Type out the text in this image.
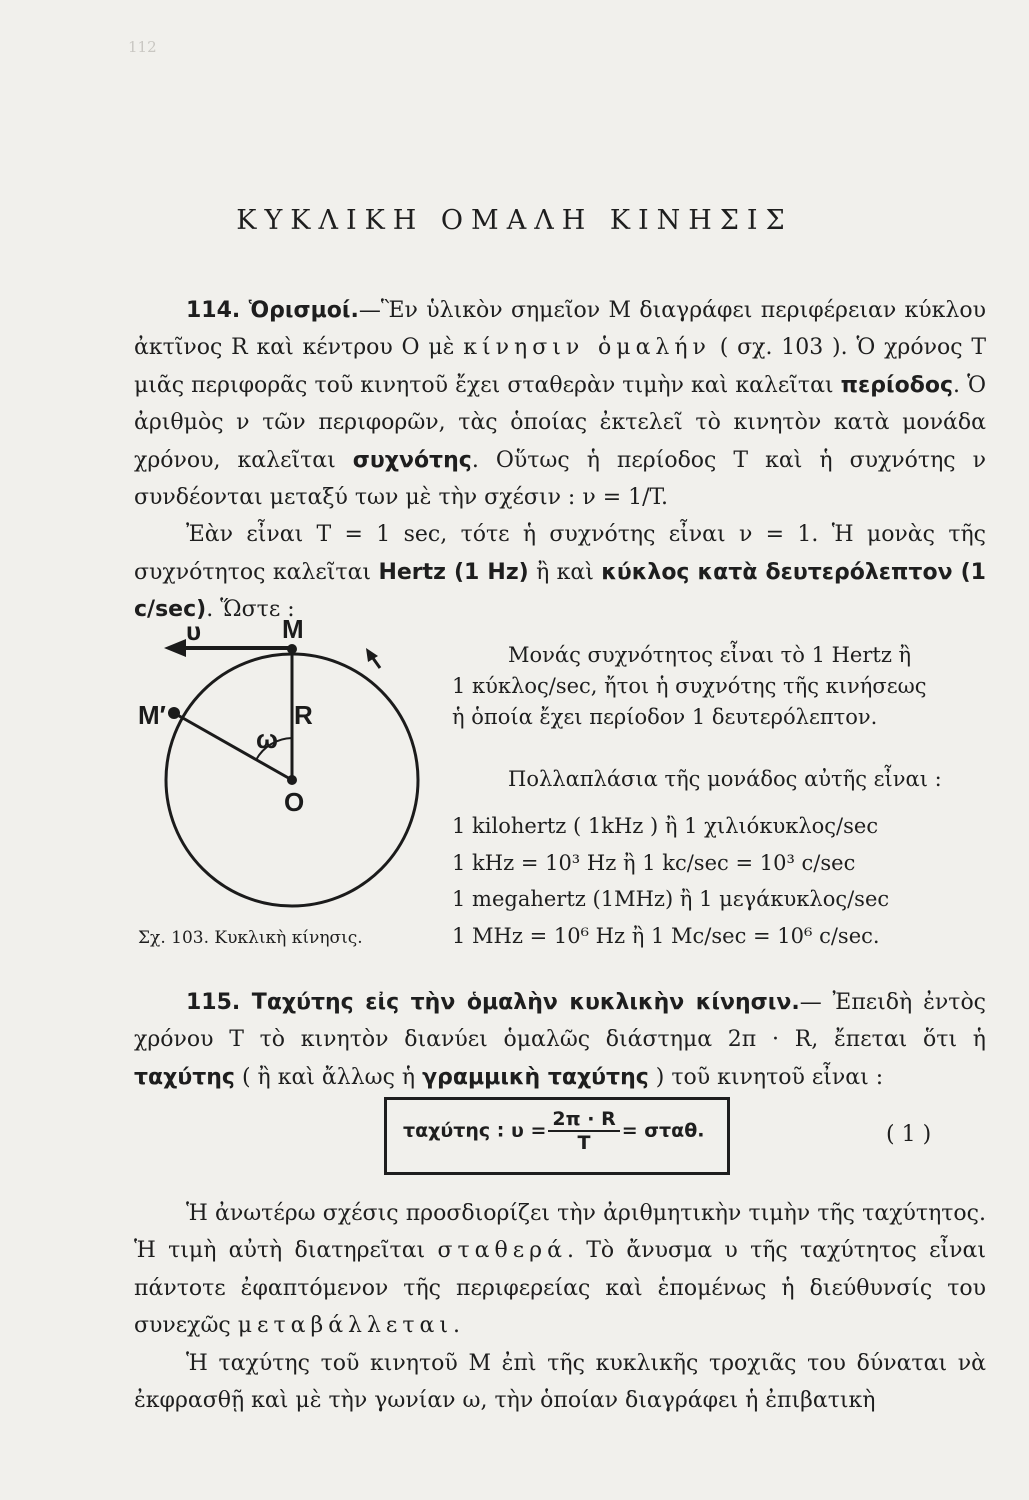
112
ΚΥΚΛΙΚΗ ΟΜΑΛΗ ΚΙΝΗΣΙΣ

114. Ὁρισμοί.—Ἓν ὑλικὸν σημεῖον M διαγράφει περιφέρειαν κύκλου ἀκτῖνος R καὶ κέντρου O μὲ κίνησιν ὁμαλήν ( σχ. 103 ). Ὁ χρόνος T μιᾶς περιφορᾶς τοῦ κινητοῦ ἔχει σταθερὰν τιμὴν καὶ καλεῖται περίοδος. Ὁ ἀριθμὸς ν τῶν περιφορῶν, τὰς ὁποίας ἐκτελεῖ τὸ κινητὸν κατὰ μονάδα χρόνου, καλεῖται συχνότης. Οὕτως ἡ περίοδος T καὶ ἡ συχνότης ν συνδέονται μεταξύ των μὲ τὴν σχέσιν : ν = 1/T.
Ἐὰν εἶναι T = 1 sec, τότε ἡ συχνότης εἶναι ν = 1. Ἡ μονὰς τῆς συχνότητος καλεῖται Hertz (1 Hz) ἢ καὶ κύκλος κατὰ δευτερόλεπτον (1 c/sec). Ὥστε :

υ	M
M′	R
ω
O
Σχ. 103. Κυκλικὴ κίνησις.
Μονάς συχνότητος εἶναι τὸ 1 Hertz ἢ
1 κύκλος/sec, ἤτοι ἡ συχνότης τῆς κινήσεως
ἡ ὁποία ἔχει περίοδον 1 δευτερόλεπτον.
Πολλαπλάσια τῆς μονάδος αὐτῆς εἶναι :
1 kilohertz ( 1kHz ) ἢ 1 χιλιόκυκλος/sec
1 kHz = 10³ Hz ἢ 1 kc/sec = 10³ c/sec
1 megahertz (1MHz) ἢ 1 μεγάκυκλος/sec
1 MHz = 10⁶ Hz ἢ 1 Mc/sec = 10⁶ c/sec.

115. Ταχύτης εἰς τὴν ὁμαλὴν κυκλικὴν κίνησιν.— Ἐπειδὴ ἐντὸς χρόνου T τὸ κινητὸν διανύει ὁμαλῶς διάστημα 2π · R, ἔπεται ὅτι ἡ ταχύτης ( ἢ καὶ ἄλλως ἡ γραμμικὴ ταχύτης ) τοῦ κινητοῦ εἶναι :

ταχύτης : $\upsilon = \frac{2\pi \cdot R}{T} = \sigma\tau\alpha\theta$.	( 1 )

Ἡ ἀνωτέρω σχέσις προσδιορίζει τὴν ἀριθμητικὴν τιμὴν τῆς ταχύτητος. Ἡ τιμὴ αὐτὴ διατηρεῖται σταθερά. Τὸ ἄνυσμα υ τῆς ταχύτητος εἶναι πάντοτε ἐφαπτόμενον τῆς περιφερείας καὶ ἑπομένως ἡ διεύθυνσίς του συνεχῶς μεταβάλλεται.
Ἡ ταχύτης τοῦ κινητοῦ M ἐπὶ τῆς κυκλικῆς τροχιᾶς του δύναται νὰ ἐκφρασθῇ καὶ μὲ τὴν γωνίαν ω, τὴν ὁποίαν διαγράφει ἡ ἐπιβατικὴ
